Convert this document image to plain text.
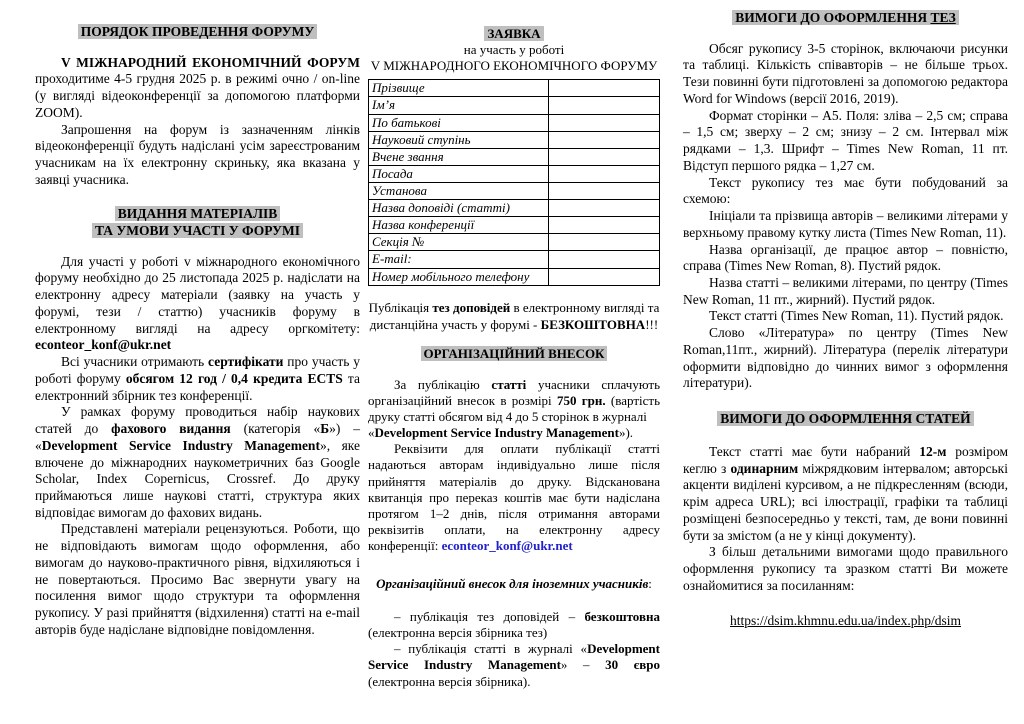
ПОРЯДОК ПРОВЕДЕННЯ ФОРУМУ

V МІЖНАРОДНИЙ ЕКОНОМІЧНИЙ ФОРУМ проходитиме 4-5 грудня 2025 р. в режимі очно / on-line (у вигляді відеоконференції за допомогою платформи ZOOM).

Запрошення на форум із зазначенням лінків відеоконференції будуть надіслані усім зареєстрованим учасникам на їх електронну скриньку, яка вказана у заявці учасника.

ВИДАННЯ МАТЕРІАЛІВ
ТА УМОВИ УЧАСТІ У ФОРУМІ

Для участі у роботі v міжнародного економічного форуму необхідно до 25 листопада 2025 р. надіслати на електронну адресу матеріали (заявку на участь у форумі, тези / статтю) учасників форуму в електронному вигляді на адресу оргкомітету: econteor_konf@ukr.net

Всі учасники отримають сертифікати про участь у роботі форуму обсягом 12 год / 0,4 кредита ECTS та електронний збірник тез конференції.

У рамках форуму проводиться набір наукових статей до фахового видання (категорія «Б») – «Development Service Industry Management», яке влючене до міжнародних наукометричних баз Google Scholar, Index Copernicus, Crossref. До друку приймаються лише наукові статті, структура яких відповідає вимогам до фахових видань.

Представлені матеріали рецензуються. Роботи, що не відповідають вимогам щодо оформлення, або вимогам до науково-практичного рівня, відхиляються і не повертаються. Просимо Вас звернути увагу на посилення вимог щодо структури та оформлення рукопису. У разі прийняття (відхилення) статті на e-mail авторів буде надіслане відповідне повідомлення.

ЗАЯВКА
на участь у роботі
V МІЖНАРОДНОГО ЕКОНОМІЧНОГО ФОРУМУ
Прізвище	
Ім’я	
По батькові	
Науковий ступінь	
Вчене звання	
Посада	
Установа	
Назва доповіді (статті)	
Назва конференції	
Секція №	
E-mail:	
Номер мобільного телефону	

Публікація тез доповідей в електронному вигляді та дистанційна участь у форумі - БЕЗКОШТОВНА!!!

ОРГАНІЗАЦІЙНИЙ ВНЕСОК

За публікацію статті учасники сплачують організаційний внесок в розмірі 750 грн. (вартість друку статті обсягом від 4 до 5 сторінок в журналі
«Development Service Industry Management»).

Реквізити для оплати публікації статті надаються авторам індивідуально лише після прийняття матеріалів до друку. Відсканована квитанція про переказ коштів має бути надіслана протягом 1–2 днів, після отримання авторами реквізитів оплати, на електронну адресу конференції: econteor_konf@ukr.net

Організаційний внесок для іноземних учасників:

– публікація тез доповідей – безкоштовна (електронна версія збірника тез)

– публікація статті в журналі «Development Service Industry Management» – 30 євро (електронна версія збірника).

ВИМОГИ ДО ОФОРМЛЕННЯ ТЕЗ

Обсяг рукопису 3-5 сторінок, включаючи рисунки та таблиці. Кількість співавторів – не більше трьох. Тези повинні бути підготовлені за допомогою редактора Word for Windows (версії 2016, 2019).

Формат сторінки – А5. Поля: зліва – 2,5 см; справа – 1,5 см; зверху – 2 см; знизу – 2 см. Інтервал між рядками – 1,3. Шрифт – Times New Roman, 11 пт. Відступ першого рядка – 1,27 см.

Текст рукопису тез має бути побудований за схемою:

Ініціали та прізвища авторів – великими літерами у верхньому правому кутку листа (Times New Roman, 11).

Назва організації, де працює автор – повністю, справа (Times New Roman, 8). Пустий рядок.

Назва статті – великими літерами, по центру (Times New Roman, 11 пт., жирний). Пустий рядок.

Текст статті (Times New Roman, 11). Пустий рядок.

Слово «Література» по центру (Times New Roman,11пт., жирний). Література (перелік літератури оформити відповідно до чинних вимог з оформлення літератури).

ВИМОГИ ДО ОФОРМЛЕННЯ СТАТЕЙ

Текст статті має бути набраний 12-м розміром кеглю з одинарним міжрядковим інтервалом; авторські акценти виділені курсивом, а не підкресленням (всюди, крім адреса URL); всі ілюстрації, графіки та таблиці розміщені безпосередньо у тексті, там, де вони повинні бути за змістом (а не у кінці документу).

З більш детальними вимогами щодо правильного оформлення рукопису та зразком статті Ви можете ознайомитися за посиланням:

https://dsim.khmnu.edu.ua/index.php/dsim
